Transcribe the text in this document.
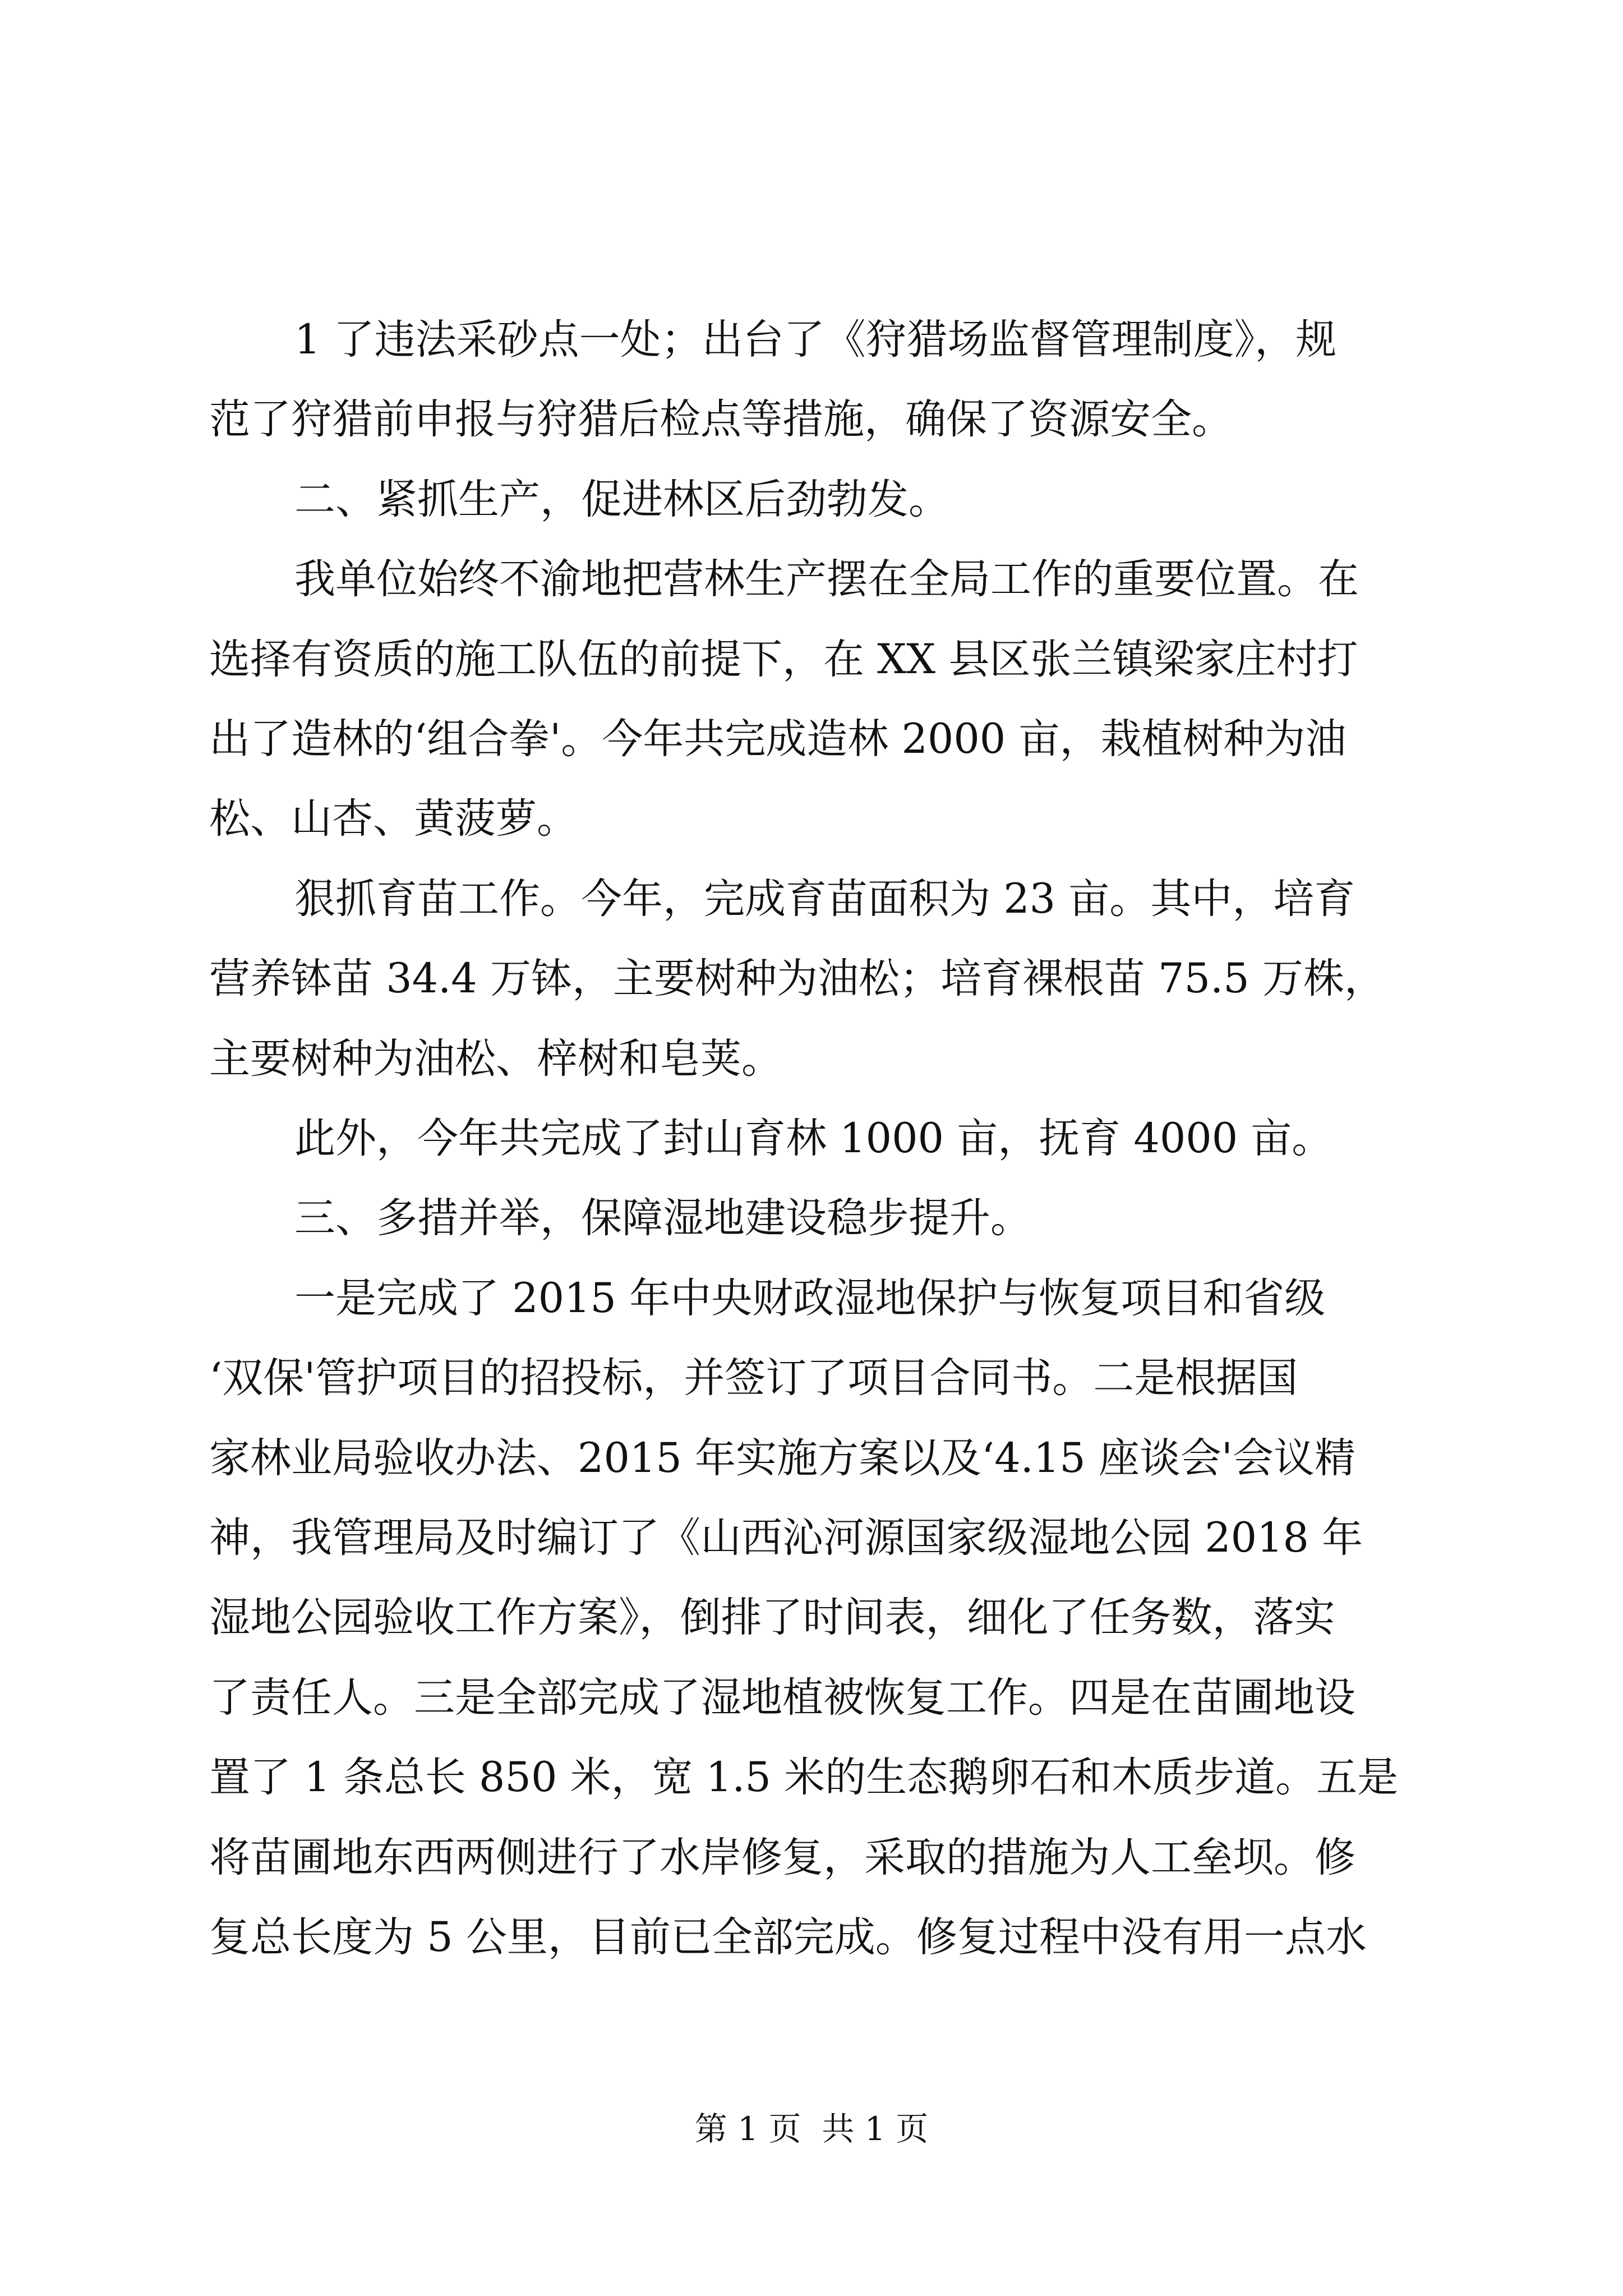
1 了违法采砂点一处；出台了《狩猎场监督管理制度》，规
范了狩猎前申报与狩猎后检点等措施，确保了资源安全。
二、紧抓生产，促进林区后劲勃发。
我单位始终不渝地把营林生产摆在全局工作的重要位置。在
选择有资质的施工队伍的前提下，在 XX 县区张兰镇梁家庄村打
出了造林的‘组合拳'。今年共完成造林 2000 亩，栽植树种为油
松、山杏、黄菠萝。
狠抓育苗工作。今年，完成育苗面积为 23 亩。其中，培育
营养钵苗 34.4 万钵，主要树种为油松；培育裸根苗 75.5 万株，
主要树种为油松、梓树和皂荚。
此外，今年共完成了封山育林 1000 亩，抚育 4000 亩。
三、多措并举，保障湿地建设稳步提升。
一是完成了 2015 年中央财政湿地保护与恢复项目和省级
‘双保'管护项目的招投标，并签订了项目合同书。二是根据国
家林业局验收办法、2015 年实施方案以及‘4.15 座谈会'会议精
神，我管理局及时编订了《山西沁河源国家级湿地公园 2018 年
湿地公园验收工作方案》，倒排了时间表，细化了任务数，落实
了责任人。三是全部完成了湿地植被恢复工作。四是在苗圃地设
置了 1 条总长 850 米，宽 1.5 米的生态鹅卵石和木质步道。五是
将苗圃地东西两侧进行了水岸修复，采取的措施为人工垒坝。修
复总长度为 5 公里，目前已全部完成。修复过程中没有用一点水
第 1 页  共 1 页
